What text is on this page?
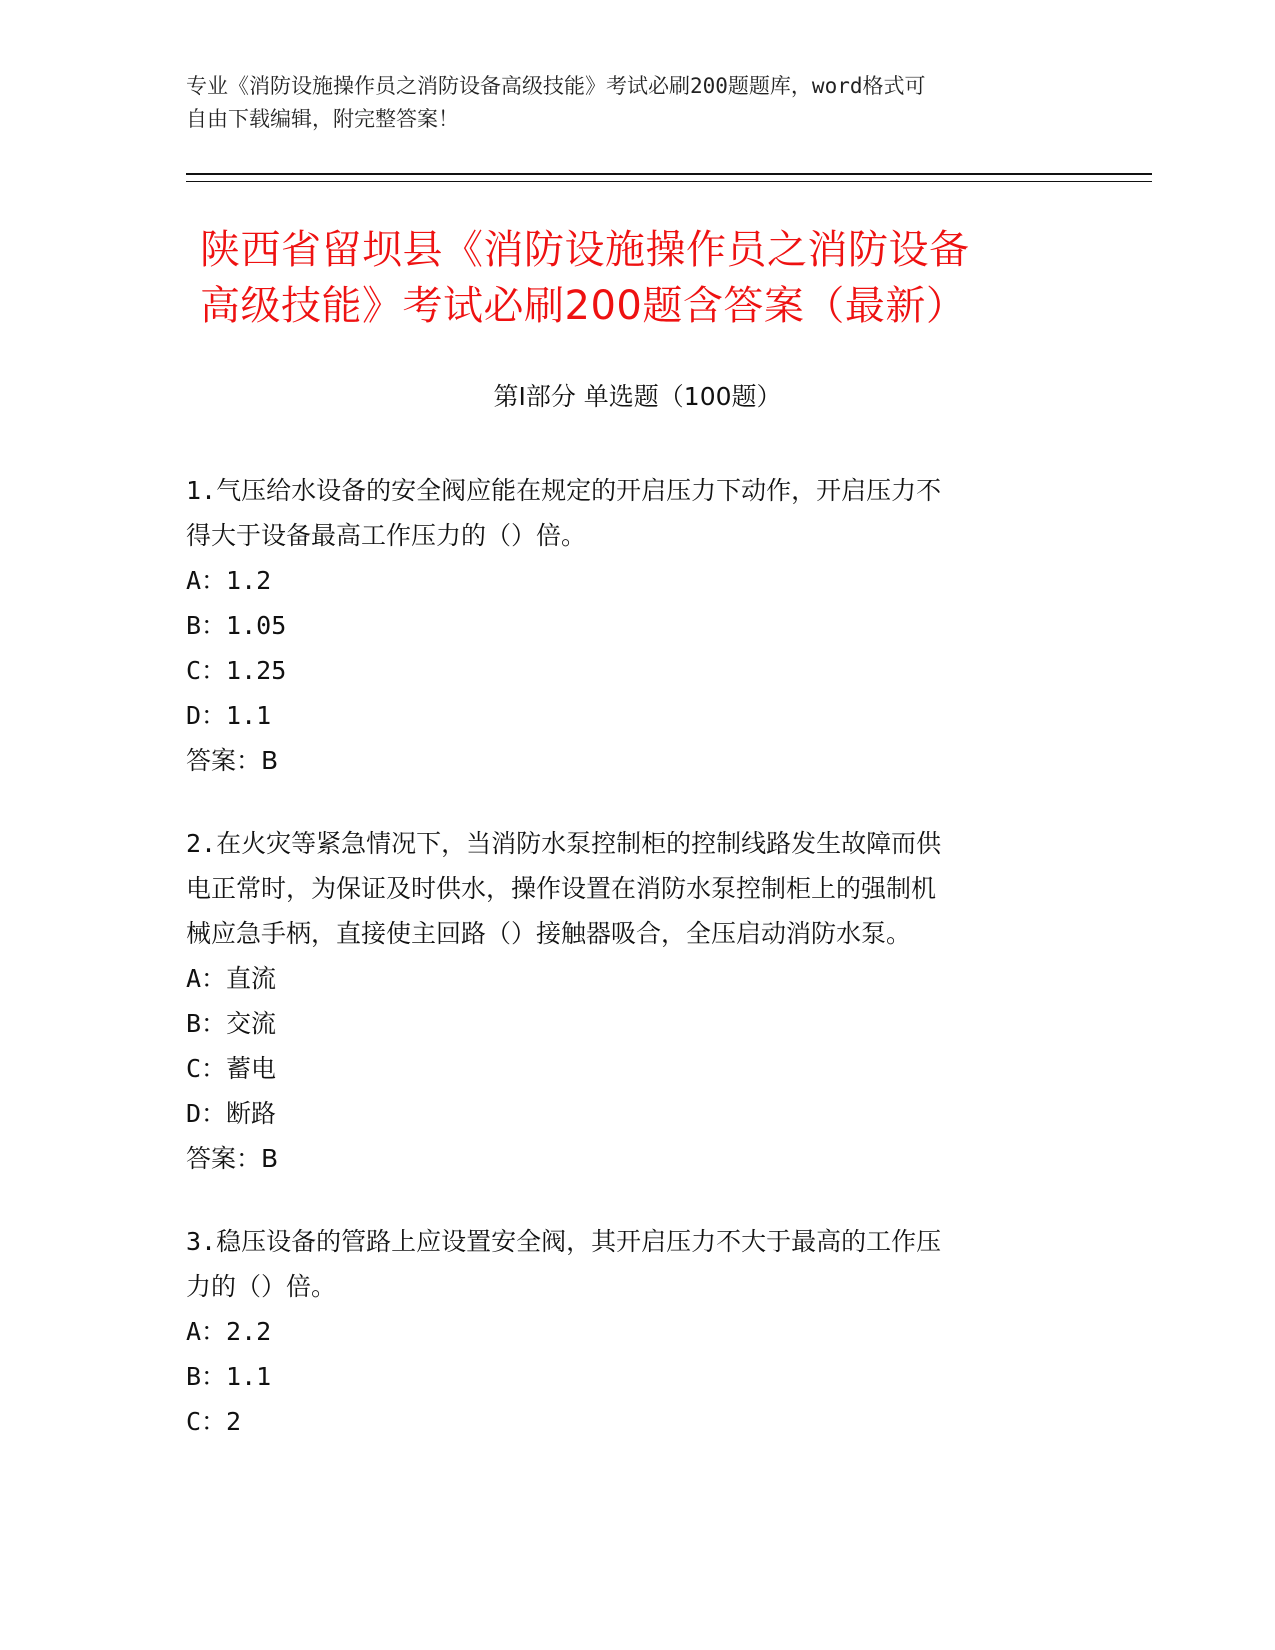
专业《消防设施操作员之消防设备高级技能》考试必刷200题题库，word格式可
自由下载编辑，附完整答案！
陕西省留坝县《消防设施操作员之消防设备
高级技能》考试必刷200题含答案（最新）
第I部分 单选题（100题）
1.气压给水设备的安全阀应能在规定的开启压力下动作，开启压力不
得大于设备最高工作压力的（）倍。
A：1.2
B：1.05
C：1.25
D：1.1
答案：B
2.在火灾等紧急情况下，当消防水泵控制柜的控制线路发生故障而供
电正常时，为保证及时供水，操作设置在消防水泵控制柜上的强制机
械应急手柄，直接使主回路（）接触器吸合，全压启动消防水泵。
A：直流
B：交流
C：蓄电
D：断路
答案：B
3.稳压设备的管路上应设置安全阀，其开启压力不大于最高的工作压
力的（）倍。
A：2.2
B：1.1
C：2
